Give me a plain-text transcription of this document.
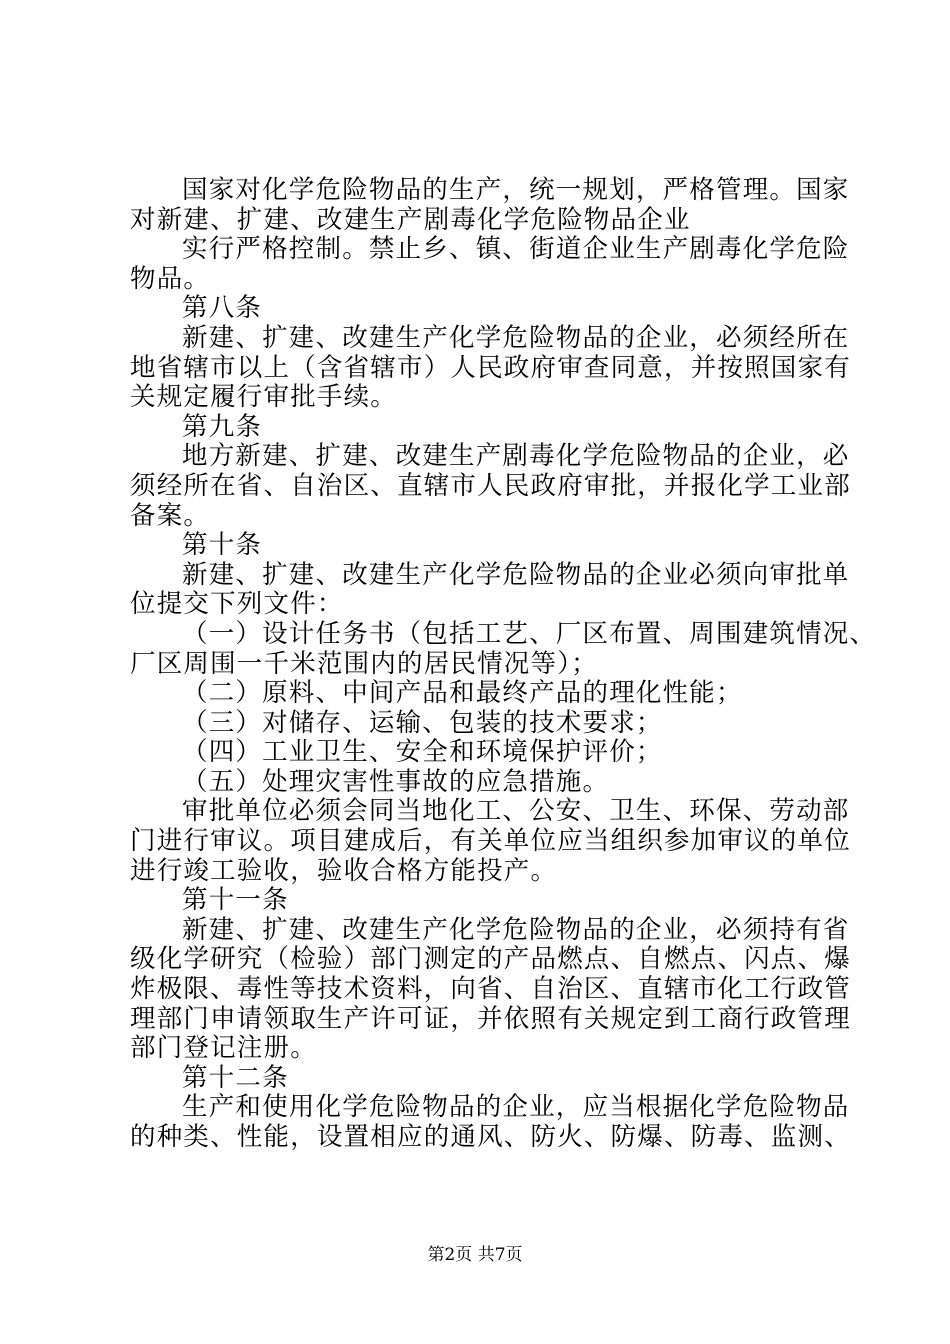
国家对化学危险物品的生产，统一规划，严格管理。国家
对新建、扩建、改建生产剧毒化学危险物品企业
实行严格控制。禁止乡、镇、街道企业生产剧毒化学危险
物品。
第八条
新建、扩建、改建生产化学危险物品的企业，必须经所在
地省辖市以上（含省辖市）人民政府审查同意，并按照国家有
关规定履行审批手续。
第九条
地方新建、扩建、改建生产剧毒化学危险物品的企业，必
须经所在省、自治区、直辖市人民政府审批，并报化学工业部
备案。
第十条
新建、扩建、改建生产化学危险物品的企业必须向审批单
位提交下列文件：
（一）设计任务书（包括工艺、厂区布置、周围建筑情况、
厂区周围一千米范围内的居民情况等）；
（二）原料、中间产品和最终产品的理化性能；
（三）对储存、运输、包装的技术要求；
（四）工业卫生、安全和环境保护评价；
（五）处理灾害性事故的应急措施。
审批单位必须会同当地化工、公安、卫生、环保、劳动部
门进行审议。项目建成后，有关单位应当组织参加审议的单位
进行竣工验收，验收合格方能投产。
第十一条
新建、扩建、改建生产化学危险物品的企业，必须持有省
级化学研究（检验）部门测定的产品燃点、自燃点、闪点、爆
炸极限、毒性等技术资料，向省、自治区、直辖市化工行政管
理部门申请领取生产许可证，并依照有关规定到工商行政管理
部门登记注册。
第十二条
生产和使用化学危险物品的企业，应当根据化学危险物品
的种类、性能，设置相应的通风、防火、防爆、防毒、监测、
第2页 共7页
